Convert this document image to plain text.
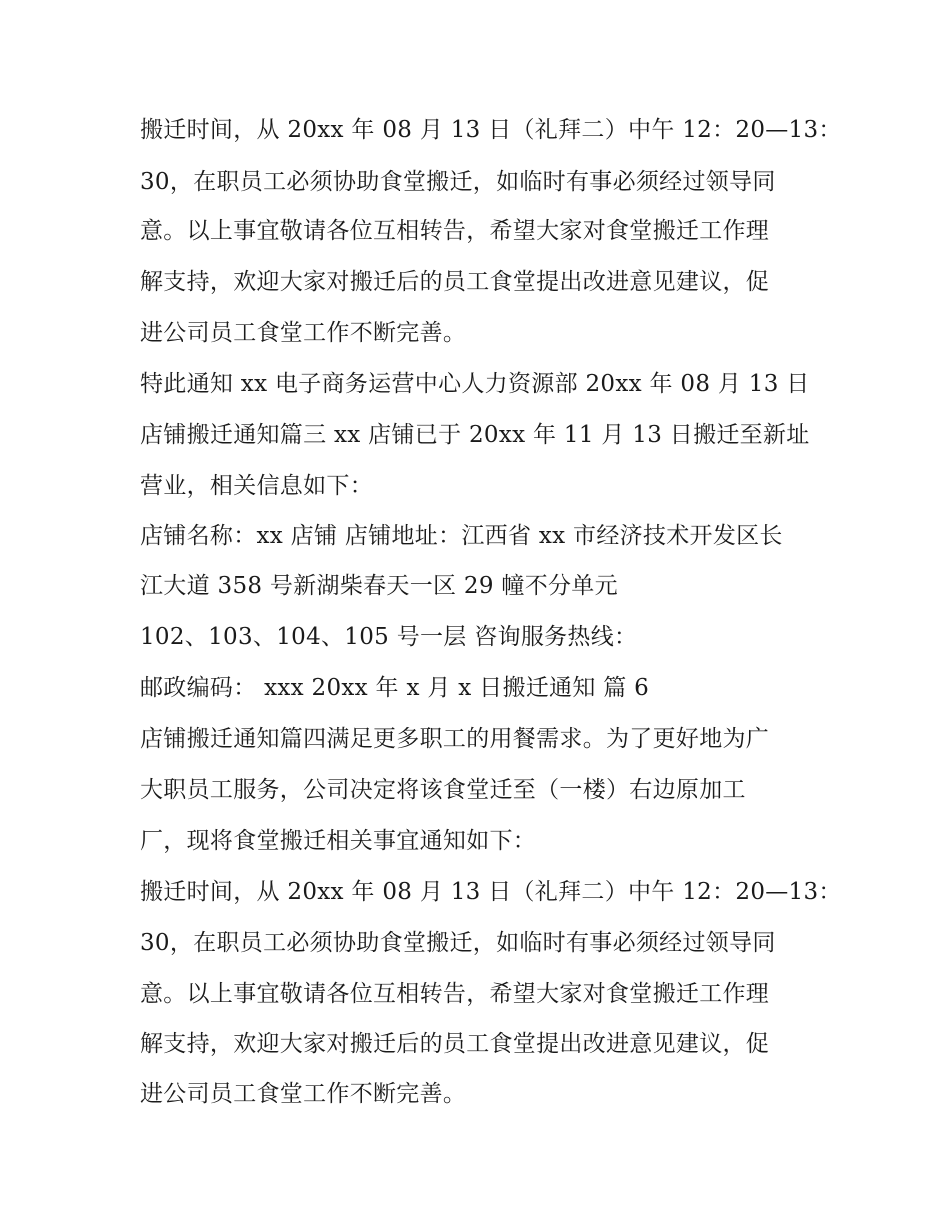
搬迁时间，从 20xx 年 08 月 13 日（礼拜二）中午 12：20—13：
30，在职员工必须协助食堂搬迁，如临时有事必须经过领导同
意。以上事宜敬请各位互相转告，希望大家对食堂搬迁工作理
解支持，欢迎大家对搬迁后的员工食堂提出改进意见建议，促
进公司员工食堂工作不断完善。
特此通知 xx 电子商务运营中心人力资源部 20xx 年 08 月 13 日
店铺搬迁通知篇三 xx 店铺已于 20xx 年 11 月 13 日搬迁至新址
营业，相关信息如下：
店铺名称：xx 店铺 店铺地址：江西省 xx 市经济技术开发区长
江大道 358 号新湖柴春天一区 29 幢不分单元
102、103、104、105 号一层 咨询服务热线：
邮政编码： xxx 20xx 年 x 月 x 日搬迁通知 篇 6
店铺搬迁通知篇四满足更多职工的用餐需求。为了更好地为广
大职员工服务，公司决定将该食堂迁至（一楼）右边原加工
厂，现将食堂搬迁相关事宜通知如下：
搬迁时间，从 20xx 年 08 月 13 日（礼拜二）中午 12：20—13：
30，在职员工必须协助食堂搬迁，如临时有事必须经过领导同
意。以上事宜敬请各位互相转告，希望大家对食堂搬迁工作理
解支持，欢迎大家对搬迁后的员工食堂提出改进意见建议，促
进公司员工食堂工作不断完善。
